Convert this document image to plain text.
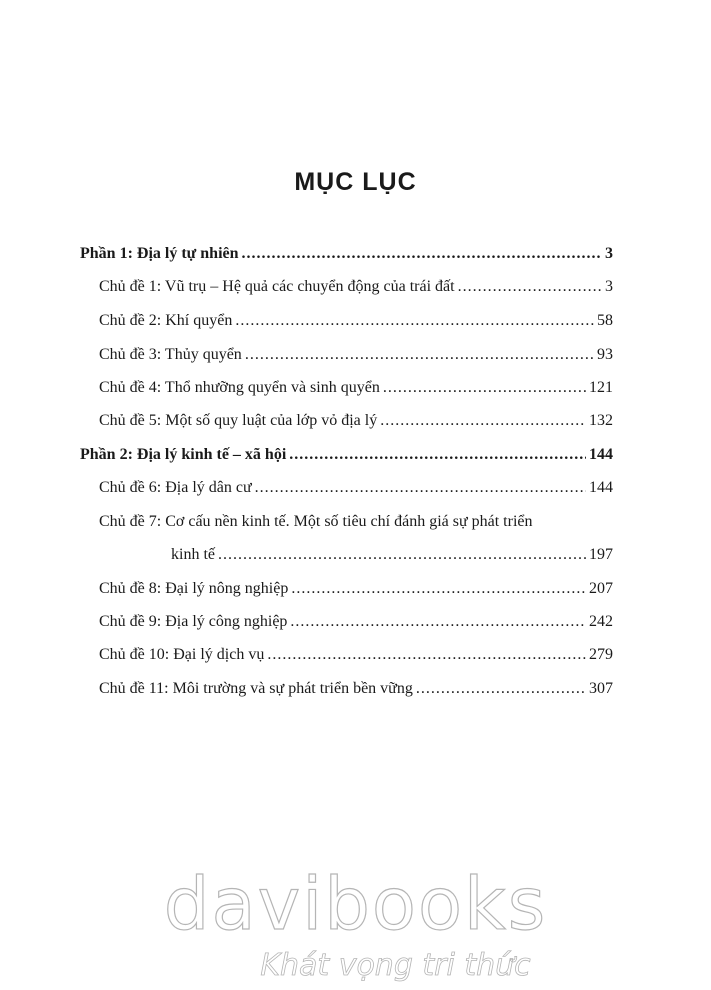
MỤC LỤC
Phần 1: Địa lý tự nhiên .....	3
Chủ đề 1: Vũ trụ – Hệ quả các chuyển động của trái đất .....	3
Chủ đề 2: Khí quyển .....	58
Chủ đề 3: Thủy quyển .....	93
Chủ đề 4: Thổ nhưỡng quyển và sinh quyển .....	121
Chủ đề 5: Một số quy luật của lớp vỏ địa lý .....	132
Phần 2: Địa lý kinh tế – xã hội .....	144
Chủ đề 6: Địa lý dân cư .....	144
Chủ đề 7: Cơ cấu nền kinh tế. Một số tiêu chí đánh giá sự phát triển
kinh tế .....	197
Chủ đề 8: Đại lý nông nghiệp .....	207
Chủ đề 9: Địa lý công nghiệp .....	242
Chủ đề 10: Đại lý dịch vụ .....	279
Chủ đề 11: Môi trường và sự phát triển bền vững .....	307
davibooks
Khát vọng tri thức
